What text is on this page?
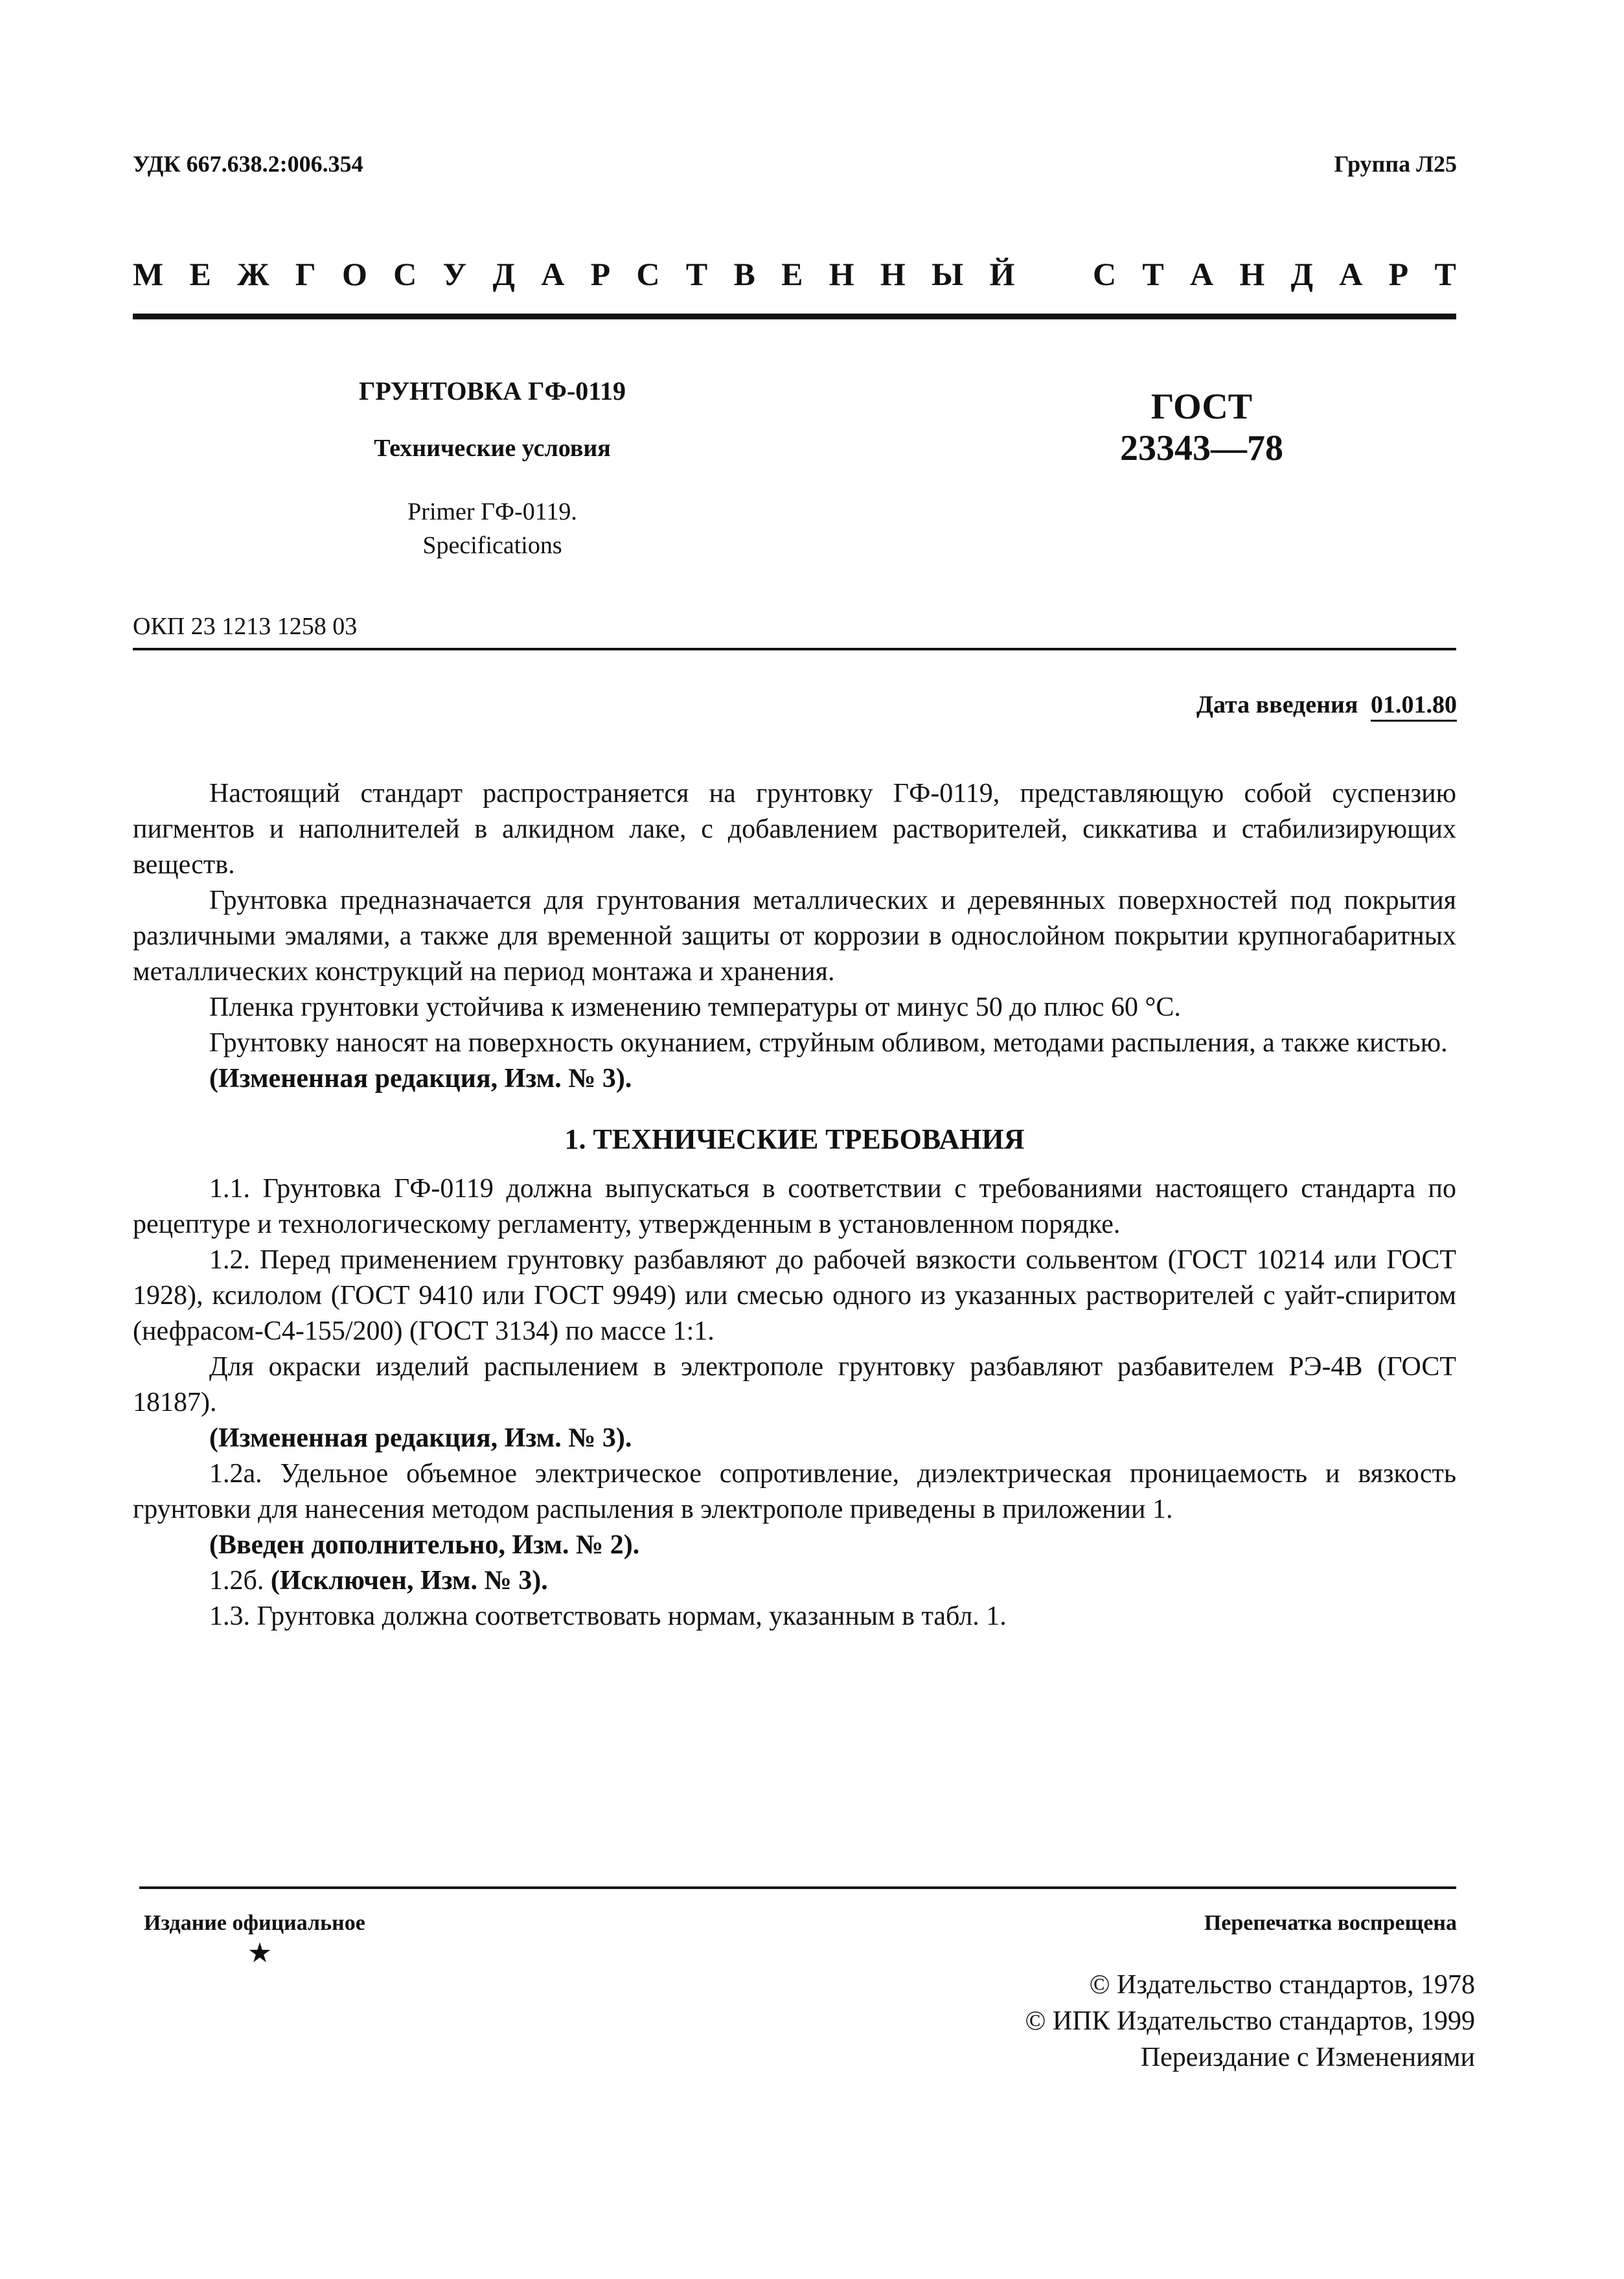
УДК 667.638.2:006.354	Группа Л25
М Е Ж Г О С У Д А Р С Т В Е Н Н Ы Й С Т А Н Д А Р Т
ГРУНТОВКА ГФ-0119
Технические условия
Primer ГФ-0119.
Specifications
ГОСТ
23343—78
ОКП 23 1213 1258 03
Дата введения 01.01.80

Настоящий стандарт распространяется на грунтовку ГФ-0119, представляющую собой суспензию пигментов и наполнителей в алкидном лаке, с добавлением растворителей, сиккатива и стабилизирующих веществ.

Грунтовка предназначается для грунтования металлических и деревянных поверхностей под покрытия различными эмалями, а также для временной защиты от коррозии в однослойном покрытии крупногабаритных металлических конструкций на период монтажа и хранения.

Пленка грунтовки устойчива к изменению температуры от минус 50 до плюс 60 °С.

Грунтовку наносят на поверхность окунанием, струйным обливом, методами распыления, а также кистью.

(Измененная редакция, Изм. № 3).

1. ТЕХНИЧЕСКИЕ ТРЕБОВАНИЯ

1.1. Грунтовка ГФ-0119 должна выпускаться в соответствии с требованиями настоящего стандарта по рецептуре и технологическому регламенту, утвержденным в установленном порядке.

1.2. Перед применением грунтовку разбавляют до рабочей вязкости сольвентом (ГОСТ 10214 или ГОСТ 1928), ксилолом (ГОСТ 9410 или ГОСТ 9949) или смесью одного из указанных растворителей с уайт-спиритом (нефрасом-С4-155/200) (ГОСТ 3134) по массе 1:1.

Для окраски изделий распылением в электрополе грунтовку разбавляют разбавителем РЭ-4В (ГОСТ 18187).

(Измененная редакция, Изм. № 3).

1.2а. Удельное объемное электрическое сопротивление, диэлектрическая проницаемость и вязкость грунтовки для нанесения методом распыления в электрополе приведены в приложении 1.

(Введен дополнительно, Изм. № 2).

1.2б. (Исключен, Изм. № 3).

1.3. Грунтовка должна соответствовать нормам, указанным в табл. 1.

Издание официальное	Перепечатка воспрещена
© Издательство стандартов, 1978
© ИПК Издательство стандартов, 1999
Переиздание с Изменениями
